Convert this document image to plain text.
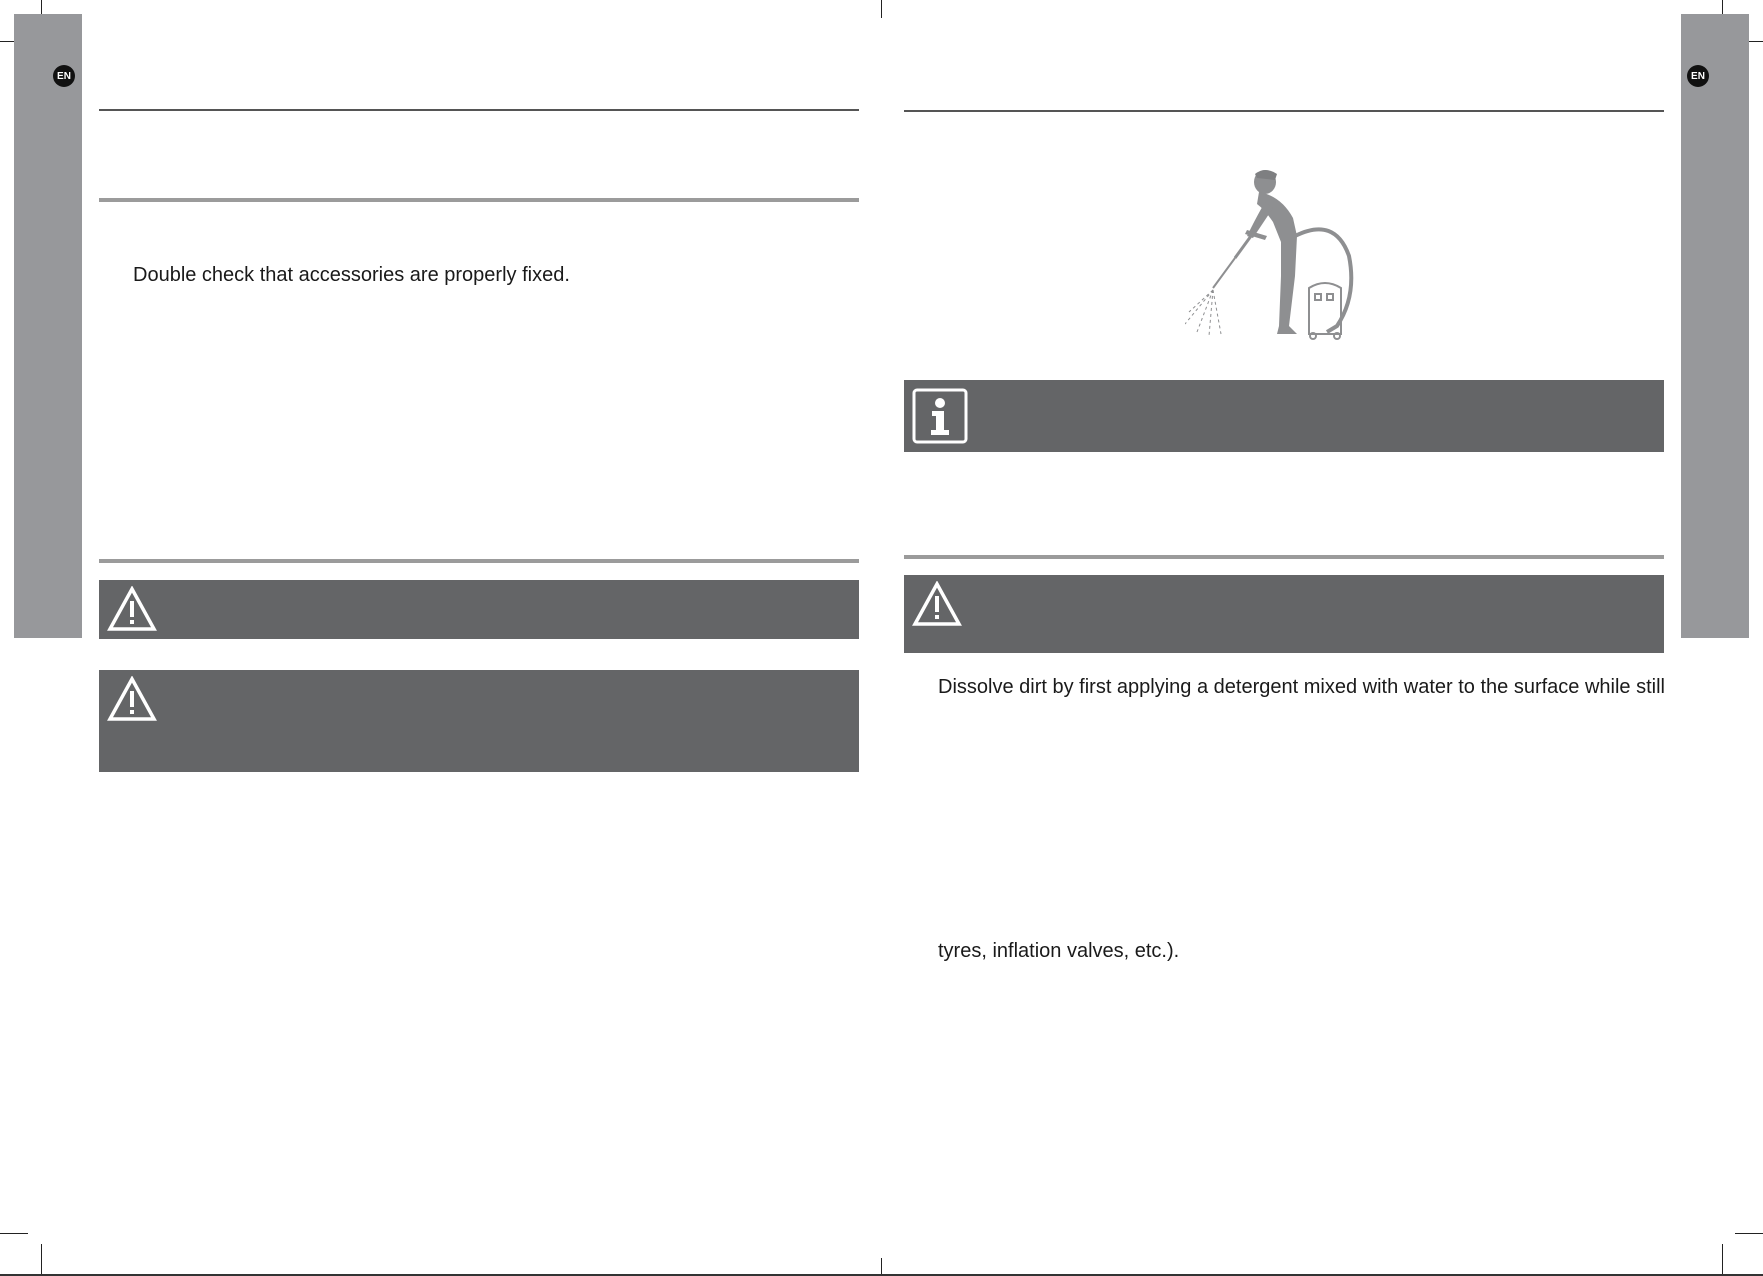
EN
Double check that accessories are properly fixed.
EN
Dissolve dirt by first applying a detergent mixed with water to the surface while still
tyres, inflation valves, etc.).
